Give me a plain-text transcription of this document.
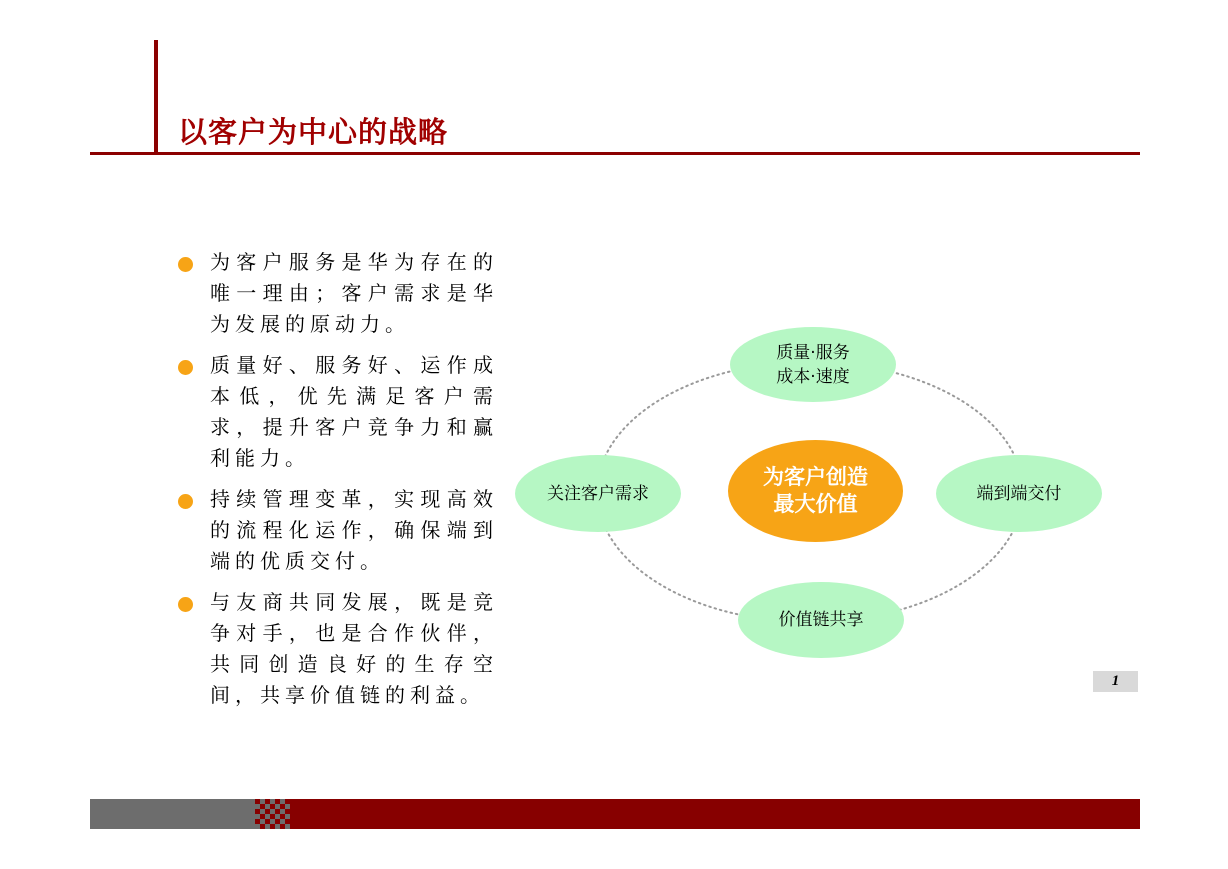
以客户为中心的战略
为客户服务是华为存在的唯一理由；客户需求是华为发展的原动力。
质量好、服务好、运作成本低，优先满足客户需求，提升客户竞争力和赢利能力。
持续管理变革，实现高效的流程化运作，确保端到端的优质交付。
与友商共同发展，既是竞争对手，也是合作伙伴，共同创造良好的生存空间，共享价值链的利益。
质量·服务
成本·速度
关注客户需求	端到端交付
价值链共享
为客户创造
最大价值
1
